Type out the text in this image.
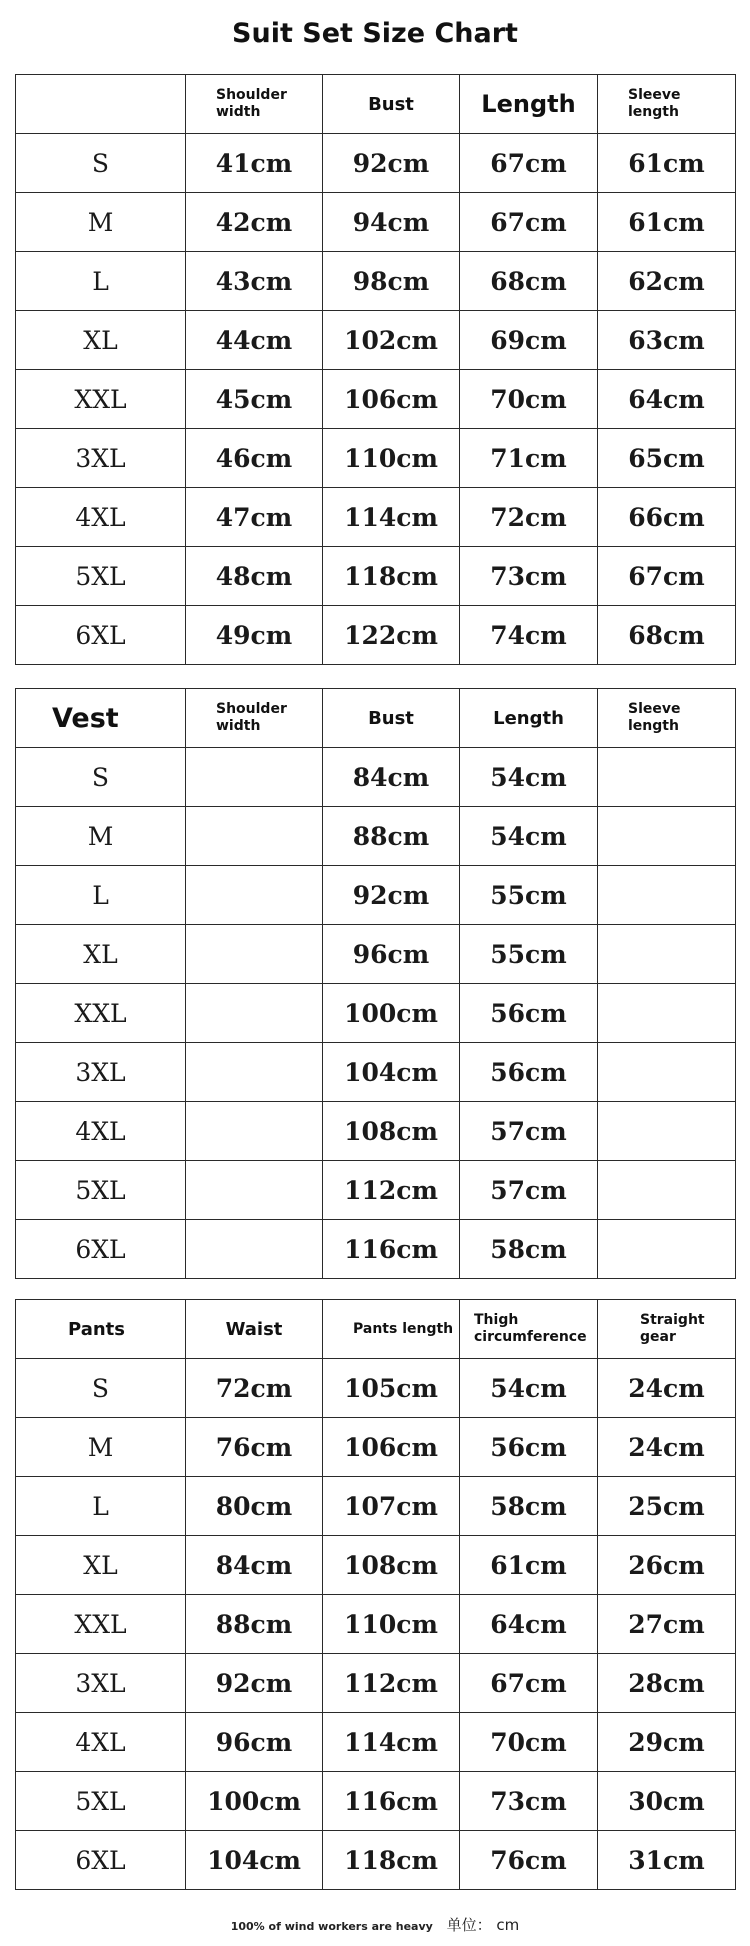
Suit Set Size Chart
	Shoulder width	Bust	Length	Sleeve length
S	41cm	92cm	67cm	61cm
M	42cm	94cm	67cm	61cm
L	43cm	98cm	68cm	62cm
XL	44cm	102cm	69cm	63cm
XXL	45cm	106cm	70cm	64cm
3XL	46cm	110cm	71cm	65cm
4XL	47cm	114cm	72cm	66cm
5XL	48cm	118cm	73cm	67cm
6XL	49cm	122cm	74cm	68cm
Vest	Shoulder width	Bust	Length	Sleeve length
S		84cm	54cm	
M		88cm	54cm	
L		92cm	55cm	
XL		96cm	55cm	
XXL		100cm	56cm	
3XL		104cm	56cm	
4XL		108cm	57cm	
5XL		112cm	57cm	
6XL		116cm	58cm	
Pants	Waist	Pants length	Thigh circumference	Straight gear
S	72cm	105cm	54cm	24cm
M	76cm	106cm	56cm	24cm
L	80cm	107cm	58cm	25cm
XL	84cm	108cm	61cm	26cm
XXL	88cm	110cm	64cm	27cm
3XL	92cm	112cm	67cm	28cm
4XL	96cm	114cm	70cm	29cm
5XL	100cm	116cm	73cm	30cm
6XL	104cm	118cm	76cm	31cm
100% of wind workers are heavy 单位： cm
